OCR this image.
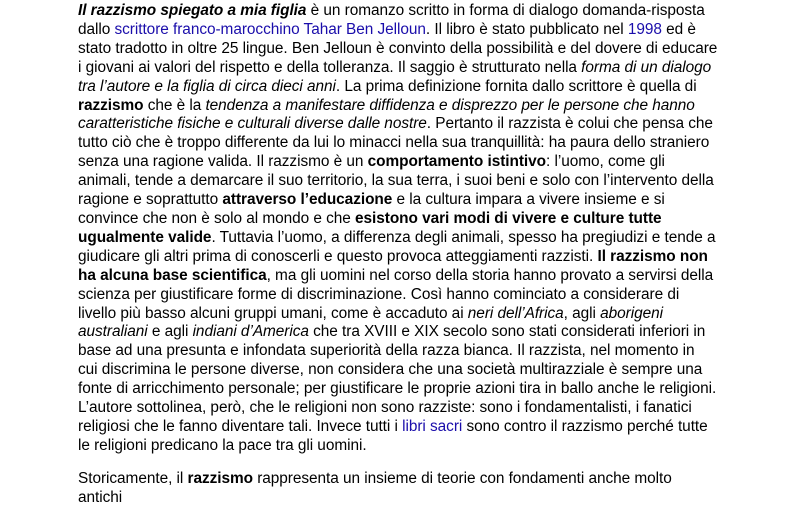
Il razzismo spiegato a mia figlia è un romanzo scritto in forma di dialogo domanda-risposta dallo scrittore franco-marocchino Tahar Ben Jelloun. Il libro è stato pubblicato nel 1998 ed è stato tradotto in oltre 25 lingue. Ben Jelloun è convinto della possibilità e del dovere di educare i giovani ai valori del rispetto e della tolleranza. Il saggio è strutturato nella forma di un dialogo tra l’autore e la figlia di circa dieci anni. La prima definizione fornita dallo scrittore è quella di razzismo che è la tendenza a manifestare diffidenza e disprezzo per le persone che hanno caratteristiche fisiche e culturali diverse dalle nostre. Pertanto il razzista è colui che pensa che tutto ciò che è troppo differente da lui lo minacci nella sua tranquillità: ha paura dello straniero senza una ragione valida. Il razzismo è un comportamento istintivo: l’uomo, come gli animali, tende a demarcare il suo territorio, la sua terra, i suoi beni e solo con l’intervento della ragione e soprattutto attraverso l’educazione e la cultura impara a vivere insieme e si convince che non è solo al mondo e che esistono vari modi di vivere e culture tutte ugualmente valide. Tuttavia l’uomo, a differenza degli animali, spesso ha pregiudizi e tende a giudicare gli altri prima di conoscerli e questo provoca atteggiamenti razzisti. Il razzismo non ha alcuna base scientifica, ma gli uomini nel corso della storia hanno provato a servirsi della scienza per giustificare forme di discriminazione. Così hanno cominciato a considerare di livello più basso alcuni gruppi umani, come è accaduto ai neri dell’Africa, agli aborigeni australiani e agli indiani d’America che tra XVIII e XIX secolo sono stati considerati inferiori in base ad una presunta e infondata superiorità della razza bianca. Il razzista, nel momento in cui discrimina le persone diverse, non considera che una società multirazziale è sempre una fonte di arricchimento personale; per giustificare le proprie azioni tira in ballo anche le religioni. L’autore sottolinea, però, che le religioni non sono razziste: sono i fondamentalisti, i fanatici religiosi che le fanno diventare tali. Invece tutti i libri sacri sono contro il razzismo perché tutte le religioni predicano la pace tra gli uomini.

Storicamente, il razzismo rappresenta un insieme di teorie con fondamenti anche molto antichi
